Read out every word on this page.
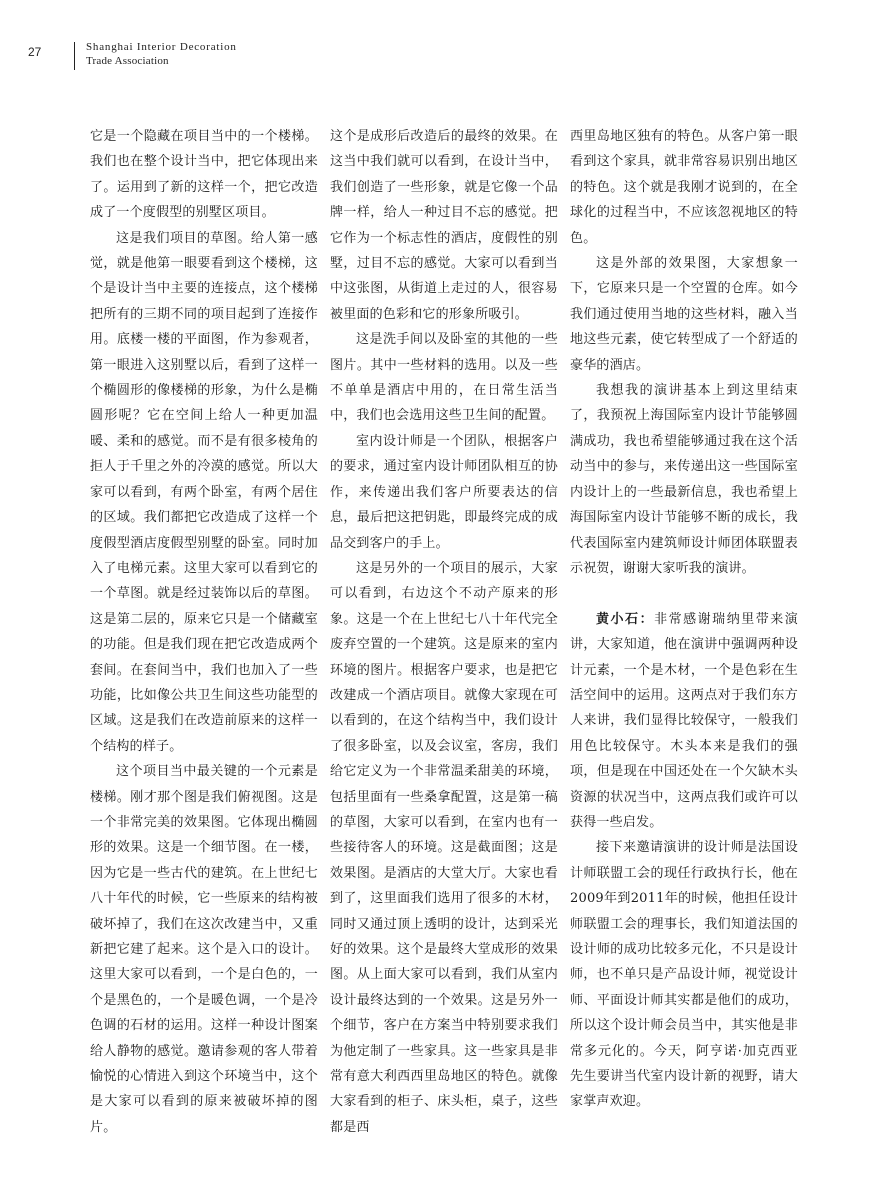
27	Shanghai Interior Decoration
Trade Association

它是一个隐藏在项目当中的一个楼梯。我们也在整个设计当中，把它体现出来了。运用到了新的这样一个，把它改造成了一个度假型的别墅区项目。

这是我们项目的草图。给人第一感觉，就是他第一眼要看到这个楼梯，这个是设计当中主要的连接点，这个楼梯把所有的三期不同的项目起到了连接作用。底楼一楼的平面图，作为参观者，第一眼进入这别墅以后，看到了这样一个椭圆形的像楼梯的形象，为什么是椭圆形呢？它在空间上给人一种更加温暖、柔和的感觉。而不是有很多棱角的拒人于千里之外的冷漠的感觉。所以大家可以看到，有两个卧室，有两个居住的区域。我们都把它改造成了这样一个度假型酒店度假型别墅的卧室。同时加入了电梯元素。这里大家可以看到它的一个草图。就是经过装饰以后的草图。这是第二层的，原来它只是一个储藏室的功能。但是我们现在把它改造成两个套间。在套间当中，我们也加入了一些功能，比如像公共卫生间这些功能型的区域。这是我们在改造前原来的这样一个结构的样子。

这个项目当中最关键的一个元素是楼梯。刚才那个图是我们俯视图。这是一个非常完美的效果图。它体现出椭圆形的效果。这是一个细节图。在一楼，因为它是一些古代的建筑。在上世纪七八十年代的时候，它一些原来的结构被破坏掉了，我们在这次改建当中，又重新把它建了起来。这个是入口的设计。这里大家可以看到，一个是白色的，一个是黑色的，一个是暖色调，一个是冷色调的石材的运用。这样一种设计图案给人静物的感觉。邀请参观的客人带着愉悦的心情进入到这个环境当中，这个是大家可以看到的原来被破坏掉的图片。

这个是成形后改造后的最终的效果。在这当中我们就可以看到，在设计当中，我们创造了一些形象，就是它像一个品牌一样，给人一种过目不忘的感觉。把它作为一个标志性的酒店，度假性的别墅，过目不忘的感觉。大家可以看到当中这张图，从街道上走过的人，很容易被里面的色彩和它的形象所吸引。

这是洗手间以及卧室的其他的一些图片。其中一些材料的选用。以及一些不单单是酒店中用的，在日常生活当中，我们也会选用这些卫生间的配置。

室内设计师是一个团队，根据客户的要求，通过室内设计师团队相互的协作，来传递出我们客户所要表达的信息，最后把这把钥匙，即最终完成的成品交到客户的手上。

这是另外的一个项目的展示，大家可以看到，右边这个不动产原来的形象。这是一个在上世纪七八十年代完全废弃空置的一个建筑。这是原来的室内环境的图片。根据客户要求，也是把它改建成一个酒店项目。就像大家现在可以看到的，在这个结构当中，我们设计了很多卧室，以及会议室，客房，我们给它定义为一个非常温柔甜美的环境，包括里面有一些桑拿配置，这是第一稿的草图，大家可以看到，在室内也有一些接待客人的环境。这是截面图；这是效果图。是酒店的大堂大厅。大家也看到了，这里面我们选用了很多的木材，同时又通过顶上透明的设计，达到采光好的效果。这个是最终大堂成形的效果图。从上面大家可以看到，我们从室内设计最终达到的一个效果。这是另外一个细节，客户在方案当中特别要求我们为他定制了一些家具。这一些家具是非常有意大利西西里岛地区的特色。就像大家看到的柜子、床头柜，桌子，这些都是西

西里岛地区独有的特色。从客户第一眼看到这个家具，就非常容易识别出地区的特色。这个就是我刚才说到的，在全球化的过程当中，不应该忽视地区的特色。

这是外部的效果图，大家想象一下，它原来只是一个空置的仓库。如今我们通过使用当地的这些材料，融入当地这些元素，使它转型成了一个舒适的豪华的酒店。

我想我的演讲基本上到这里结束了，我预祝上海国际室内设计节能够圆满成功，我也希望能够通过我在这个活动当中的参与，来传递出这一些国际室内设计上的一些最新信息，我也希望上海国际室内设计节能够不断的成长，我代表国际室内建筑师设计师团体联盟表示祝贺，谢谢大家听我的演讲。

黄小石：非常感谢瑞纳里带来演讲，大家知道，他在演讲中强调两种设计元素，一个是木材，一个是色彩在生活空间中的运用。这两点对于我们东方人来讲，我们显得比较保守，一般我们用色比较保守。木头本来是我们的强项，但是现在中国还处在一个欠缺木头资源的状况当中，这两点我们或许可以获得一些启发。

接下来邀请演讲的设计师是法国设计师联盟工会的现任行政执行长，他在2009年到2011年的时候，他担任设计师联盟工会的理事长，我们知道法国的设计师的成功比较多元化，不只是设计师，也不单只是产品设计师，视觉设计师、平面设计师其实都是他们的成功，所以这个设计师会员当中，其实他是非常多元化的。今天，阿亨诺·加克西亚先生要讲当代室内设计新的视野，请大家掌声欢迎。
